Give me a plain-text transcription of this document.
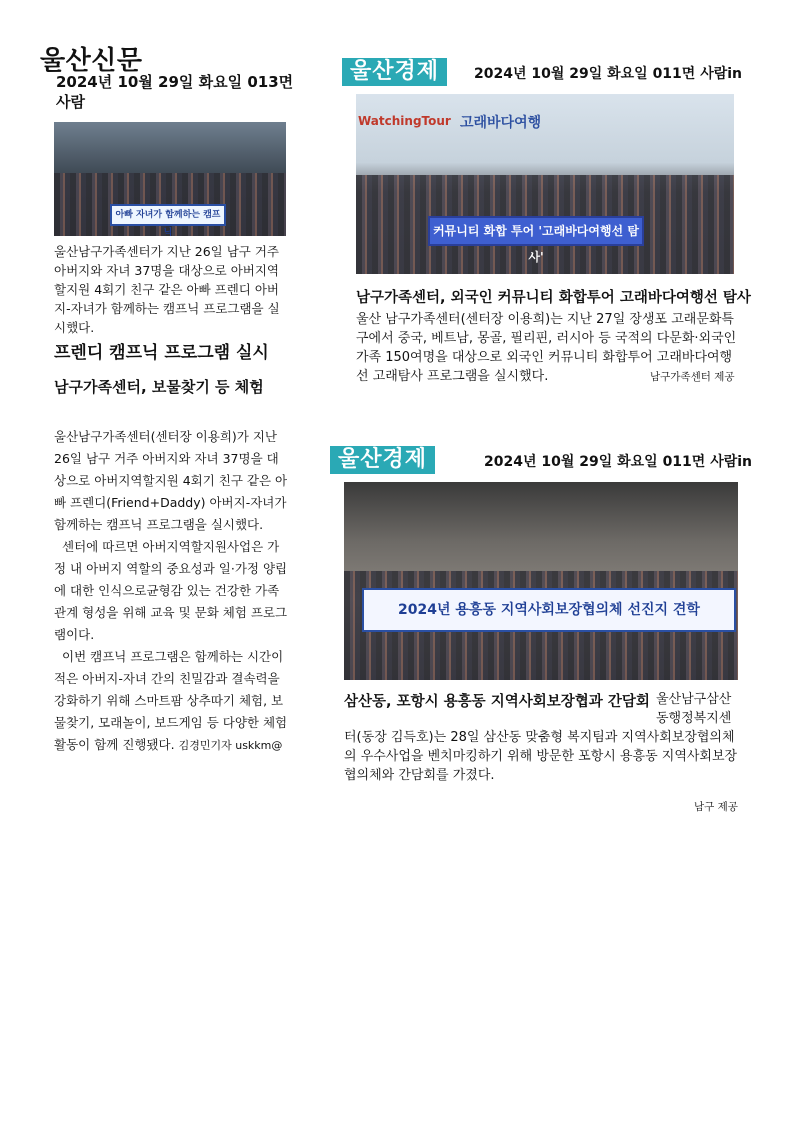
울산신문
2024년 10월 29일 화요일 013면 사람
아빠 자녀가 함께하는 캠프닉
울산남구가족센터가 지난 26일 남구 거주 아버지와 자녀 37명을 대상으로 아버지역할지원 4회기 친구 같은 아빠 프렌디 아버지-자녀가 함께하는 캠프닉 프로그램을 실시했다.
프렌디 캠프닉 프로그램 실시
남구가족센터, 보물찾기 등 체험

울산남구가족센터(센터장 이용희)가 지난 26일 남구 거주 아버지와 자녀 37명을 대상으로 아버지역할지원 4회기 친구 같은 아빠 프렌디(Friend+Daddy) 아버지-자녀가 함께하는 캠프닉 프로그램을 실시했다.

센터에 따르면 아버지역할지원사업은 가정 내 아버지 역할의 중요성과 일·가정 양립에 대한 인식으로균형감 있는 건강한 가족관계 형성을 위해 교육 및 문화 체험 프로그램이다.

이번 캠프닉 프로그램은 함께하는 시간이 적은 아버지-자녀 간의 친밀감과 결속력을 강화하기 위해 스마트팜 상추따기 체험, 보물찾기, 모래놀이, 보드게임 등 다양한 체험활동이 함께 진행됐다. 김경민기자 uskkm@

울산경제	2024년 10월 29일 화요일 011면 사람in
WatchingTour 고래바다여행
커뮤니티 화합 투어 '고래바다여행선 탐사'
남구가족센터, 외국인 커뮤니티 화합투어 고래바다여행선 탐사
울산 남구가족센터(센터장 이용희)는 지난 27일 장생포 고래문화특구에서 중국, 베트남, 몽골, 필리핀, 러시아 등 국적의 다문화·외국인 가족 150여명을 대상으로 외국인 커뮤니티 화합투어 고래바다여행선 고래탐사 프로그램을 실시했다.	남구가족센터 제공
울산경제	2024년 10월 29일 화요일 011면 사람in
2024년 용흥동 지역사회보장협의체 선진지 견학
삼산동, 포항시 용흥동 지역사회보장협과 간담회 울산남구삼산동행정복지센
터(동장 김득호)는 28일 삼산동 맞춤형 복지팀과 지역사회보장협의체의 우수사업을 벤치마킹하기 위해 방문한 포항시 용흥동 지역사회보장협의체와 간담회를 가졌다.
남구 제공
